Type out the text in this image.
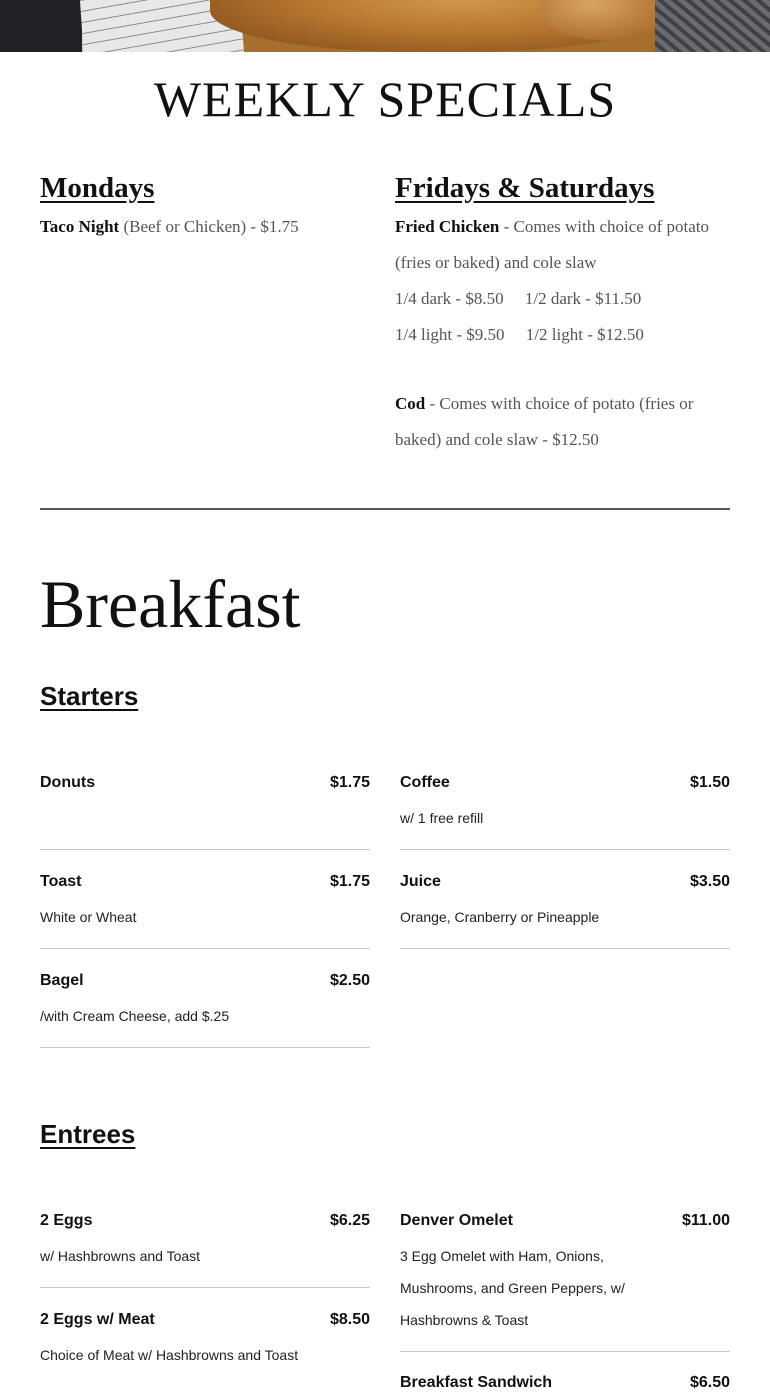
WEEKLY SPECIALS
Mondays
Taco Night (Beef or Chicken) - $1.75
Fridays & Saturdays
Fried Chicken - Comes with choice of potato
(fries or baked) and cole slaw
1/4 dark - $8.50     1/2 dark - $11.50
1/4 light - $9.50     1/2 light - $12.50
Cod - Comes with choice of potato (fries or
baked) and cole slaw - $12.50
Breakfast
Starters
Donuts	$1.75 Coffee	$1.50
w/ 1 free refill
Toast	$1.75
White or Wheat
Juice	$3.50
Orange, Cranberry or Pineapple
Bagel	$2.50
/with Cream Cheese, add $.25
Entrees
2 Eggs	$6.25
w/ Hashbrowns and Toast
Denver Omelet	$11.00
3 Egg Omelet with Ham, Onions, Mushrooms, and Green Peppers, w/ Hashbrowns & Toast
2 Eggs w/ Meat	$8.50
Choice of Meat w/ Hashbrowns and Toast
Breakfast Sandwich	$6.50
